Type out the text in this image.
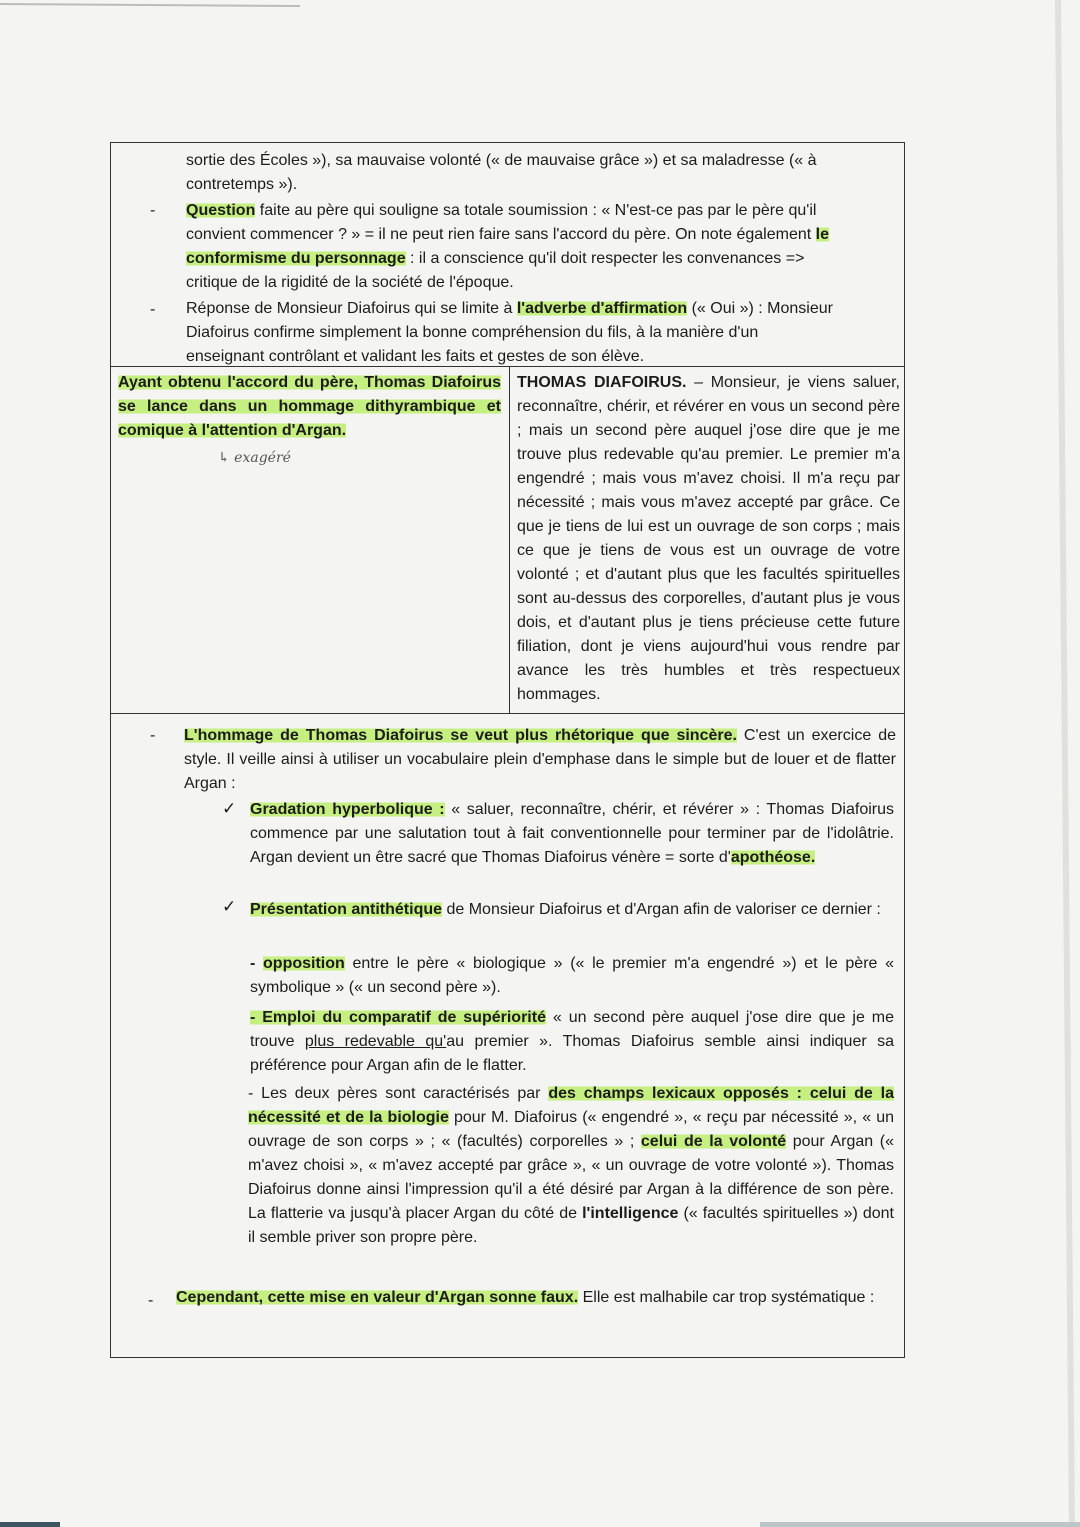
sortie des Écoles »), sa mauvaise volonté (« de mauvaise grâce ») et sa maladresse (« à

contretemps »).

- Question faite au père qui souligne sa totale soumission : « N'est-ce pas par le père qu'il
convient commencer ? » = il ne peut rien faire sans l'accord du père. On note également le
conformisme du personnage : il a conscience qu'il doit respecter les convenances =>
critique de la rigidité de la société de l'époque.

- Réponse de Monsieur Diafoirus qui se limite à l'adverbe d'affirmation (« Oui ») : Monsieur
Diafoirus confirme simplement la bonne compréhension du fils, à la manière d'un
enseignant contrôlant et validant les faits et gestes de son élève.

Ayant obtenu l'accord du père, Thomas Diafoirus se lance dans un hommage dithyrambique et comique à l'attention d'Argan.

↳ exagéré

THOMAS DIAFOIRUS. – Monsieur, je viens saluer, reconnaître, chérir, et révérer en vous un second père ; mais un second père auquel j'ose dire que je me trouve plus redevable qu'au premier. Le premier m'a engendré ; mais vous m'avez choisi. Il m'a reçu par nécessité ; mais vous m'avez accepté par grâce. Ce que je tiens de lui est un ouvrage de son corps ; mais ce que je tiens de vous est un ouvrage de votre volonté ; et d'autant plus que les facultés spirituelles sont au-dessus des corporelles, d'autant plus je vous dois, et d'autant plus je tiens précieuse cette future filiation, dont je viens aujourd'hui vous rendre par avance les très humbles et très respectueux hommages.

- L'hommage de Thomas Diafoirus se veut plus rhétorique que sincère. C'est un exercice de style. Il veille ainsi à utiliser un vocabulaire plein d'emphase dans le simple but de louer et de flatter Argan :

✓ Gradation hyperbolique : « saluer, reconnaître, chérir, et révérer » : Thomas Diafoirus commence par une salutation tout à fait conventionnelle pour terminer par de l'idolâtrie. Argan devient un être sacré que Thomas Diafoirus vénère = sorte d'apothéose.

✓ Présentation antithétique de Monsieur Diafoirus et d'Argan afin de valoriser ce dernier :

- opposition entre le père « biologique » (« le premier m'a engendré ») et le père « symbolique » (« un second père »).

- Emploi du comparatif de supériorité « un second père auquel j'ose dire que je me trouve plus redevable qu'au premier ». Thomas Diafoirus semble ainsi indiquer sa préférence pour Argan afin de le flatter.

- Les deux pères sont caractérisés par des champs lexicaux opposés : celui de la nécessité et de la biologie pour M. Diafoirus (« engendré », « reçu par nécessité », « un ouvrage de son corps » ; « (facultés) corporelles » ; celui de la volonté pour Argan (« m'avez choisi », « m'avez accepté par grâce », « un ouvrage de votre volonté »). Thomas Diafoirus donne ainsi l'impression qu'il a été désiré par Argan à la différence de son père. La flatterie va jusqu'à placer Argan du côté de l'intelligence (« facultés spirituelles ») dont il semble priver son propre père.

- Cependant, cette mise en valeur d'Argan sonne faux. Elle est malhabile car trop systématique :
